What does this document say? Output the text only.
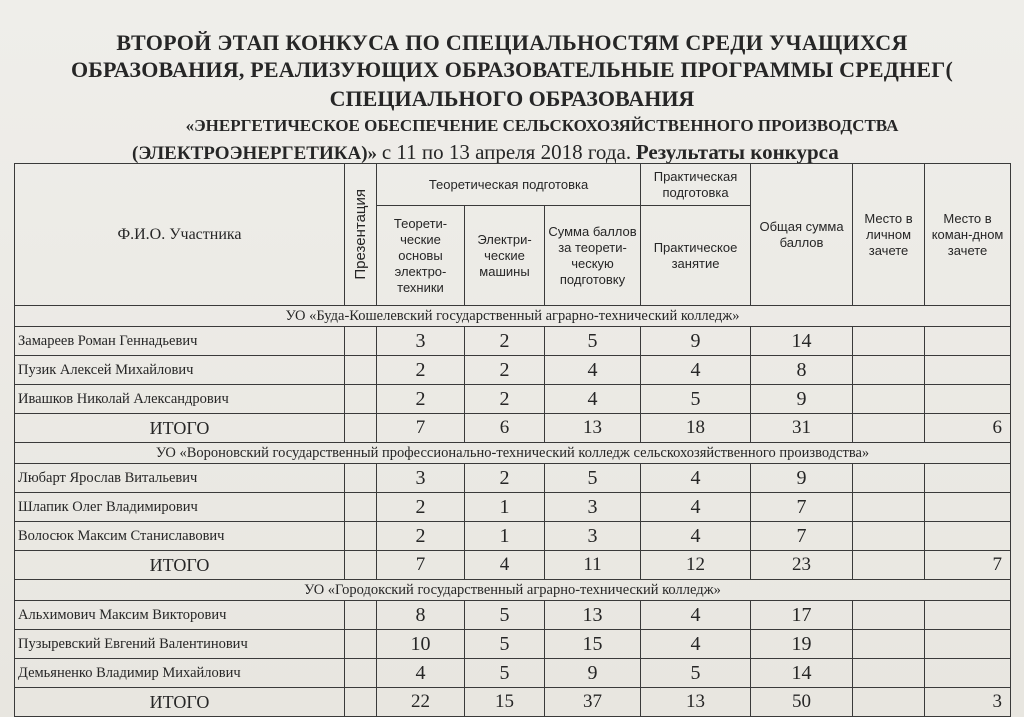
ВТОРОЙ ЭТАП КОНКУСА ПО СПЕЦИАЛЬНОСТЯМ СРЕДИ УЧАЩИХСЯ
ОБРАЗОВАНИЯ, РЕАЛИЗУЮЩИХ ОБРАЗОВАТЕЛЬНЫЕ ПРОГРАММЫ СРЕДНЕГ(
СПЕЦИАЛЬНОГО ОБРАЗОВАНИЯ
«ЭНЕРГЕТИЧЕСКОЕ ОБЕСПЕЧЕНИЕ СЕЛЬСКОХОЗЯЙСТВЕННОГО ПРОИЗВОДСТВА
(ЭЛЕКТРОЭНЕРГЕТИКА)» с 11 по 13 апреля 2018 года. Результаты конкурса
Ф.И.О. Участника	Презентация	Теоретическая подготовка			Практическая подготовка	Общая сумма баллов	Место в личном зачете	Место в коман-дном зачете
		Теорети-ческие основы электро-техники	Электри-ческие машины	Сумма баллов за теорети-ческую подготовку	Практическое занятие			
УО «Буда-Кошелевский государственный аграрно-технический колледж»								
Замареев Роман Геннадьевич		3	2	5	9	14		
Пузик Алексей Михайлович		2	2	4	4	8		
Ивашков Николай Александрович		2	2	4	5	9		
ИТОГО		7	6	13	18	31		6
УО «Вороновский государственный профессионально-технический колледж сельскохозяйственного производства»								
Любарт Ярослав Витальевич		3	2	5	4	9		
Шлапик Олег Владимирович		2	1	3	4	7		
Волосюк Максим Станиславович		2	1	3	4	7		
ИТОГО		7	4	11	12	23		7
УО «Городокский государственный аграрно-технический колледж»								
Альхимович Максим Викторович		8	5	13	4	17		
Пузыревский Евгений Валентинович		10	5	15	4	19		
Демьяненко Владимир Михайлович		4	5	9	5	14		
ИТОГО		22	15	37	13	50		3
